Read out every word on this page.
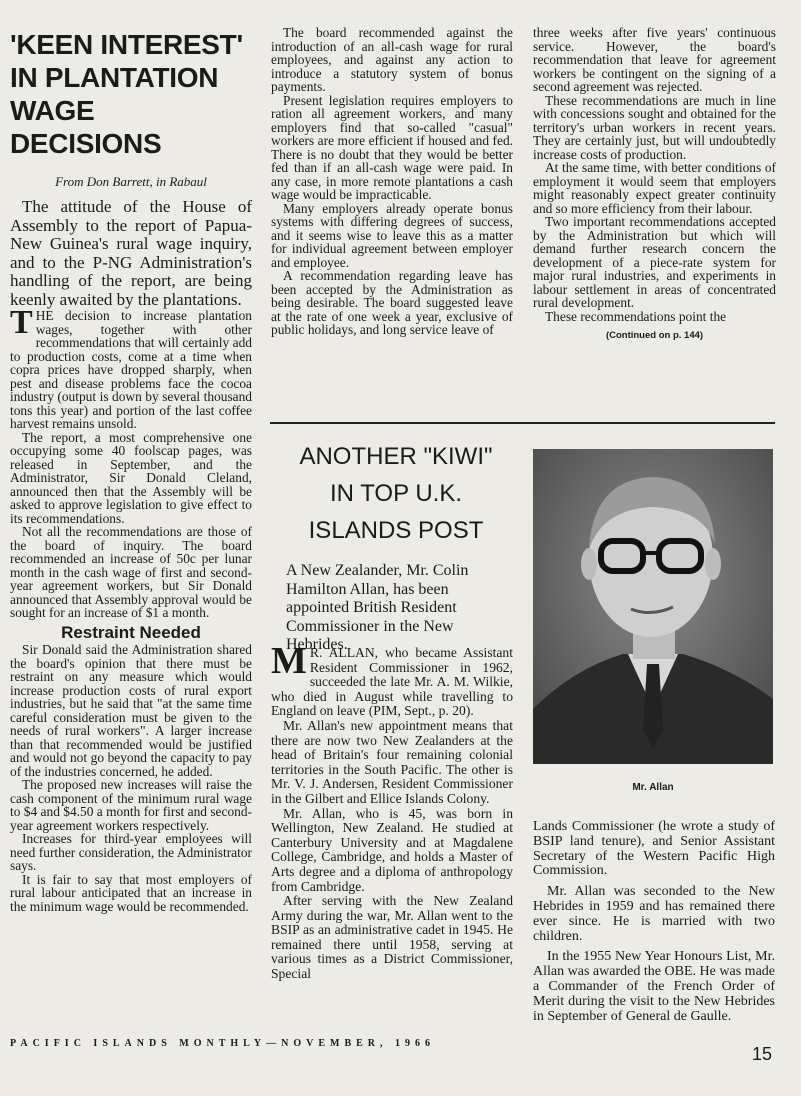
'KEEN INTEREST'
IN PLANTATION
WAGE DECISIONS
From Don Barrett, in Rabaul

The attitude of the House of Assembly to the report of Papua-New Guinea's rural wage inquiry, and to the P-NG Administration's handling of the report, are being keenly awaited by the plantations.

THE decision to increase plantation wages, together with other recommendations that will certainly add to production costs, come at a time when copra prices have dropped sharply, when pest and disease problems face the cocoa industry (output is down by several thousand tons this year) and portion of the last coffee harvest remains unsold.

The report, a most comprehensive one occupying some 40 foolscap pages, was released in September, and the Administrator, Sir Donald Cleland, announced then that the Assembly will be asked to approve legislation to give effect to its recommendations.

Not all the recommendations are those of the board of inquiry. The board recommended an increase of 50c per lunar month in the cash wage of first and second-year agreement workers, but Sir Donald announced that Assembly approval would be sought for an increase of $1 a month.

Restraint Needed

Sir Donald said the Administration shared the board's opinion that there must be restraint on any measure which would increase production costs of rural export industries, but he said that "at the same time careful consideration must be given to the needs of rural workers". A larger increase than that recommended would be justified and would not go beyond the capacity to pay of the industries concerned, he added.

The proposed new increases will raise the cash component of the minimum rural wage to $4 and $4.50 a month for first and second-year agreement workers respectively.

Increases for third-year employees will need further consideration, the Administrator says.

It is fair to say that most employers of rural labour anticipated that an increase in the minimum wage would be recommended.

The board recommended against the introduction of an all-cash wage for rural employees, and against any action to introduce a statutory system of bonus payments.

Present legislation requires employers to ration all agreement workers, and many employers find that so-called "casual" workers are more efficient if housed and fed. There is no doubt that they would be better fed than if an all-cash wage were paid. In any case, in more remote plantations a cash wage would be impracticable.

Many employers already operate bonus systems with differing degrees of success, and it seems wise to leave this as a matter for individual agreement between employer and employee.

A recommendation regarding leave has been accepted by the Administration as being desirable. The board suggested leave at the rate of one week a year, exclusive of public holidays, and long service leave of

three weeks after five years' continuous service. However, the board's recommendation that leave for agreement workers be contingent on the signing of a second agreement was rejected.

These recommendations are much in line with concessions sought and obtained for the territory's urban workers in recent years. They are certainly just, but will undoubtedly increase costs of production.

At the same time, with better conditions of employment it would seem that employers might reasonably expect greater continuity and so more efficiency from their labour.

Two important recommendations accepted by the Administration but which will demand further research concern the development of a piece-rate system for major rural industries, and experiments in labour settlement in areas of concentrated rural development.

These recommendations point the

(Continued on p. 144)
ANOTHER "KIWI"
IN TOP U.K.
ISLANDS POST
A New Zealander, Mr. Colin Hamilton Allan, has been appointed British Resident Commissioner in the New Hebrides.

M R. ALLAN, who became Assistant Resident Commissioner in 1962, succeeded the late Mr. A. M. Wilkie, who died in August while travelling to England on leave (PIM, Sept., p. 20).

Mr. Allan's new appointment means that there are now two New Zealanders at the head of Britain's four remaining colonial territories in the South Pacific. The other is Mr. V. J. Andersen, Resident Commissioner in the Gilbert and Ellice Islands Colony.

Mr. Allan, who is 45, was born in Wellington, New Zealand. He studied at Canterbury University and at Magdalene College, Cambridge, and holds a Master of Arts degree and a diploma of anthropology from Cambridge.

After serving with the New Zealand Army during the war, Mr. Allan went to the BSIP as an administrative cadet in 1945. He remained there until 1958, serving at various times as a District Commissioner, Special

Mr. Allan

Lands Commissioner (he wrote a study of BSIP land tenure), and Senior Assistant Secretary of the Western Pacific High Commission.

Mr. Allan was seconded to the New Hebrides in 1959 and has remained there ever since. He is married with two children.

In the 1955 New Year Honours List, Mr. Allan was awarded the OBE. He was made a Commander of the French Order of Merit during the visit to the New Hebrides in September of General de Gaulle.

PACIFIC ISLANDS MONTHLY—NOVEMBER, 1966
15
